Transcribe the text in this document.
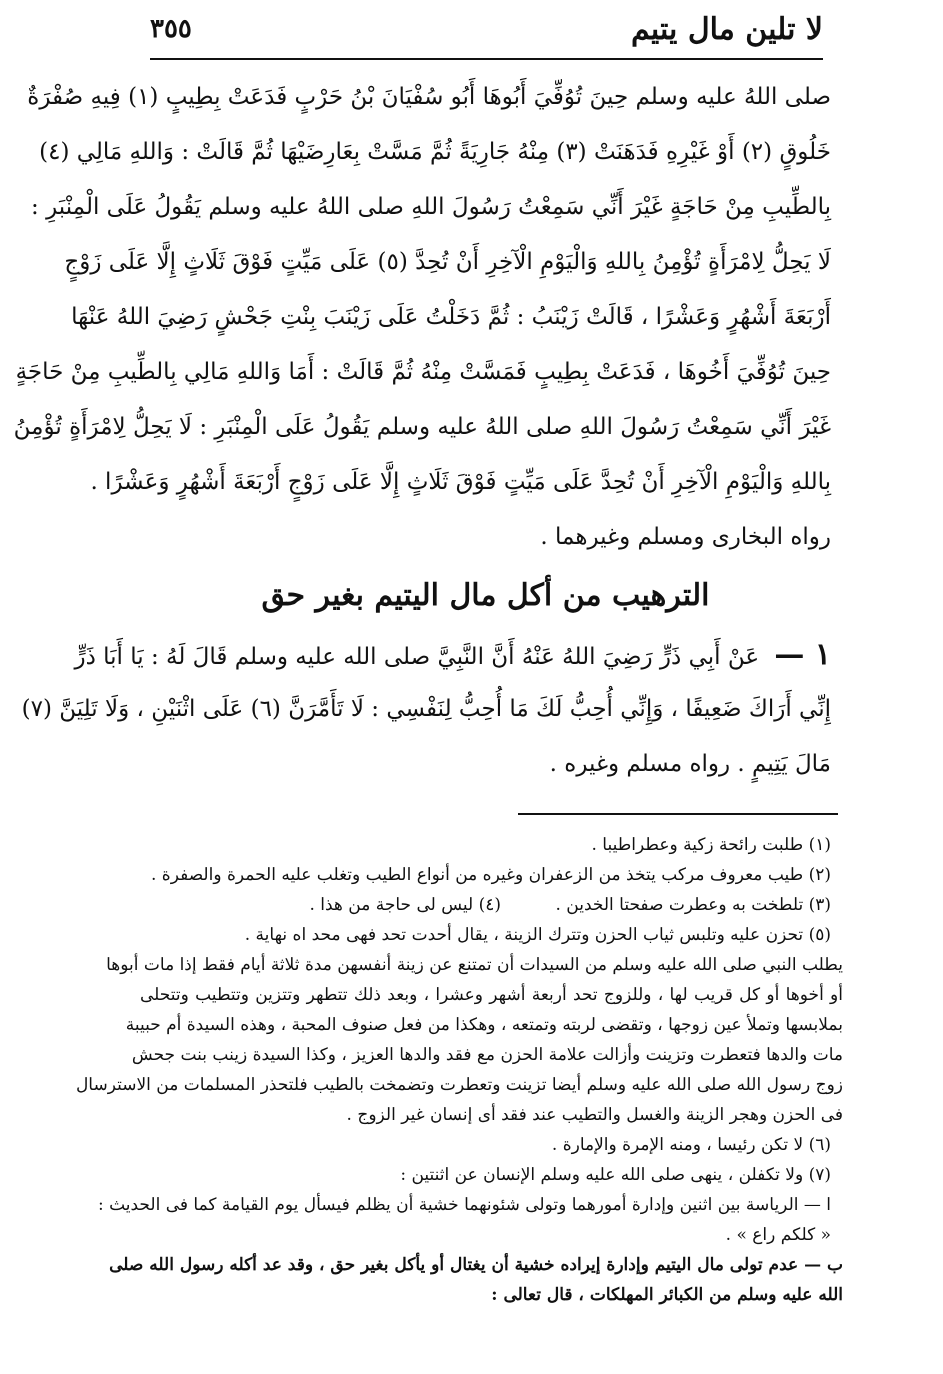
لا تلين مال يتيم
٣٥٥
صلى اللهُ عليه وسلم حِينَ تُوُفِّيَ أَبُوهَا أَبُو سُفْيَانَ بْنُ حَرْبٍ فَدَعَتْ بِطِيبٍ (١) فِيهِ صُفْرَةٌ
خَلُوقٍ (٢) أَوْ غَيْرِهِ فَدَهَنَتْ (٣) مِنْهُ جَارِيَةً ثُمَّ مَسَّتْ بِعَارِضَيْهَا ثُمَّ قَالَتْ : وَاللهِ مَالِي (٤)
بِالطِّيبِ مِنْ حَاجَةٍ غَيْرَ أَنِّي سَمِعْتُ رَسُولَ اللهِ صلى اللهُ عليه وسلم يَقُولُ عَلَى الْمِنْبَرِ :
لَا يَحِلُّ لِامْرَأَةٍ تُؤْمِنُ بِاللهِ وَالْيَوْمِ الْآخِرِ أَنْ تُحِدَّ (٥) عَلَى مَيِّتٍ فَوْقَ ثَلَاثٍ إِلَّا عَلَى زَوْجٍ
أَرْبَعَةَ أَشْهُرٍ وَعَشْرًا ، قَالَتْ زَيْنَبُ : ثُمَّ دَخَلْتُ عَلَى زَيْنَبَ بِنْتِ جَحْشٍ رَضِيَ اللهُ عَنْهَا
حِينَ تُوُفِّيَ أَخُوهَا ، فَدَعَتْ بِطِيبٍ فَمَسَّتْ مِنْهُ ثُمَّ قَالَتْ : أَمَا وَاللهِ مَالِي بِالطِّيبِ مِنْ حَاجَةٍ
غَيْرَ أَنِّي سَمِعْتُ رَسُولَ اللهِ صلى اللهُ عليه وسلم يَقُولُ عَلَى الْمِنْبَرِ : لَا يَحِلُّ لِامْرَأَةٍ تُؤْمِنُ
بِاللهِ وَالْيَوْمِ الْآخِرِ أَنْ تُحِدَّ عَلَى مَيِّتٍ فَوْقَ ثَلَاثٍ إِلَّا عَلَى زَوْجٍ أَرْبَعَةَ أَشْهُرٍ وَعَشْرًا .
رواه البخارى ومسلم وغيرهما .
الترهيب من أكل مال اليتيم بغير حق
١ — عَنْ أَبِي ذَرٍّ رَضِيَ اللهُ عَنْهُ أَنَّ النَّبِيَّ صلى الله عليه وسلم قَالَ لَهُ : يَا أَبَا ذَرٍّ
إِنِّي أَرَاكَ ضَعِيفًا ، وَإِنِّي أُحِبُّ لَكَ مَا أُحِبُّ لِنَفْسِي : لَا تَأَمَّرَنَّ (٦) عَلَى اثْنَيْنِ ، وَلَا تَلِيَنَّ (٧)
مَالَ يَتِيمٍ . رواه مسلم وغيره .
(١) طلبت رائحة زكية وعطراطيبا .
(٢) طيب معروف مركب يتخذ من الزعفران وغيره من أنواع الطيب وتغلب عليه الحمرة والصفرة .
(٣) تلطخت به وعطرت صفحتا الخدين .
(٤) ليس لى حاجة من هذا .
(٥) تحزن عليه وتلبس ثياب الحزن وتترك الزينة ، يقال أحدت تحد فهى محد اه نهاية .
يطلب النبي صلى الله عليه وسلم من السيدات أن تمتنع عن زينة أنفسهن مدة ثلاثة أيام فقط إذا مات أبوها
أو أخوها أو كل قريب لها ، وللزوج تحد أربعة أشهر وعشرا ، وبعد ذلك تتطهر وتتزين وتتطيب وتتحلى
بملابسها وتملأ عين زوجها ، وتقضى لربته وتمتعه ، وهكذا من فعل صنوف المحبة ، وهذه السيدة أم حبيبة
مات والدها فتعطرت وتزينت وأزالت علامة الحزن مع فقد والدها العزيز ، وكذا السيدة زينب بنت جحش
زوج رسول الله صلى الله عليه وسلم أيضا تزينت وتعطرت وتضمخت بالطيب فلتحذر المسلمات من الاسترسال
فى الحزن وهجر الزينة والغسل والتطيب عند فقد أى إنسان غير الزوج .
(٦) لا تكن رئيسا ، ومنه الإمرة والإمارة .
(٧) ولا تكفلن ، ينهى صلى الله عليه وسلم الإنسان عن اثنتين :
ا — الرياسة بين اثنين وإدارة أمورهما وتولى شئونهما خشية أن يظلم فيسأل يوم القيامة كما فى الحديث :
« كلكم راع » .
ب — عدم تولى مال اليتيم وإدارة إيراده خشية أن يغتال أو يأكل بغير حق ، وقد عد أكله رسول الله صلى
الله عليه وسلم من الكبائر المهلكات ، قال تعالى :
